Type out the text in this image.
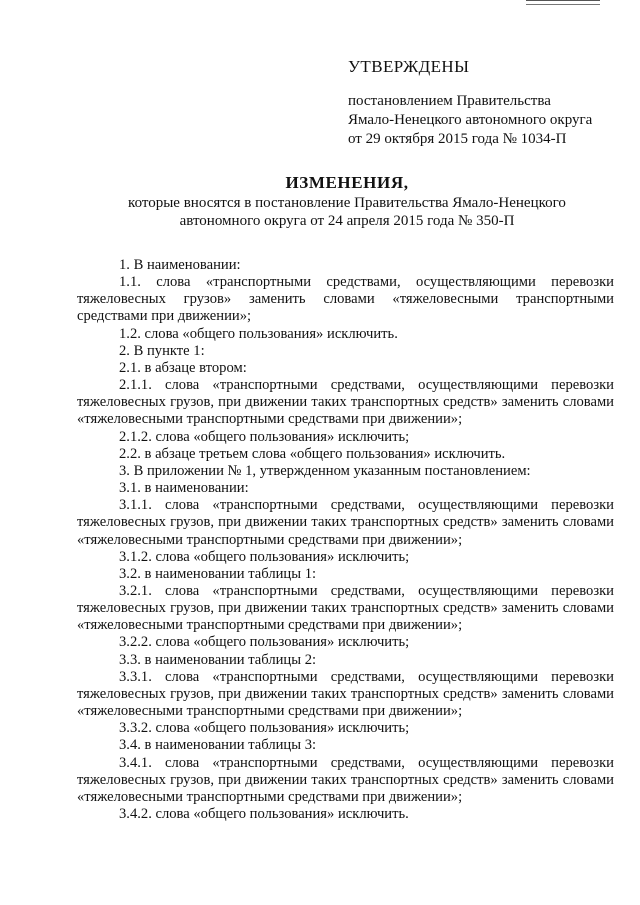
УТВЕРЖДЕНЫ
постановлением Правительства
Ямало-Ненецкого автономного округа
от 29 октября 2015 года № 1034-П
ИЗМЕНЕНИЯ,
которые вносятся в постановление Правительства Ямало-Ненецкого
автономного округа от 24 апреля 2015 года № 350-П

1. В наименовании:

1.1. слова «транспортными средствами, осуществляющими перевозки тяжеловесных грузов» заменить словами «тяжеловесными транспортными средствами при движении»;

1.2. слова «общего пользования» исключить.

2. В пункте 1:

2.1. в абзаце втором:

2.1.1. слова «транспортными средствами, осуществляющими перевозки тяжеловесных грузов, при движении таких транспортных средств» заменить словами «тяжеловесными транспортными средствами при движении»;

2.1.2. слова «общего пользования» исключить;

2.2. в абзаце третьем слова «общего пользования» исключить.

3. В приложении № 1, утвержденном указанным постановлением:

3.1. в наименовании:

3.1.1. слова «транспортными средствами, осуществляющими перевозки тяжеловесных грузов, при движении таких транспортных средств» заменить словами «тяжеловесными транспортными средствами при движении»;

3.1.2. слова «общего пользования» исключить;

3.2. в наименовании таблицы 1:

3.2.1. слова «транспортными средствами, осуществляющими перевозки тяжеловесных грузов, при движении таких транспортных средств» заменить словами «тяжеловесными транспортными средствами при движении»;

3.2.2. слова «общего пользования» исключить;

3.3. в наименовании таблицы 2:

3.3.1. слова «транспортными средствами, осуществляющими перевозки тяжеловесных грузов, при движении таких транспортных средств» заменить словами «тяжеловесными транспортными средствами при движении»;

3.3.2. слова «общего пользования» исключить;

3.4. в наименовании таблицы 3:

3.4.1. слова «транспортными средствами, осуществляющими перевозки тяжеловесных грузов, при движении таких транспортных средств» заменить словами «тяжеловесными транспортными средствами при движении»;

3.4.2. слова «общего пользования» исключить.
